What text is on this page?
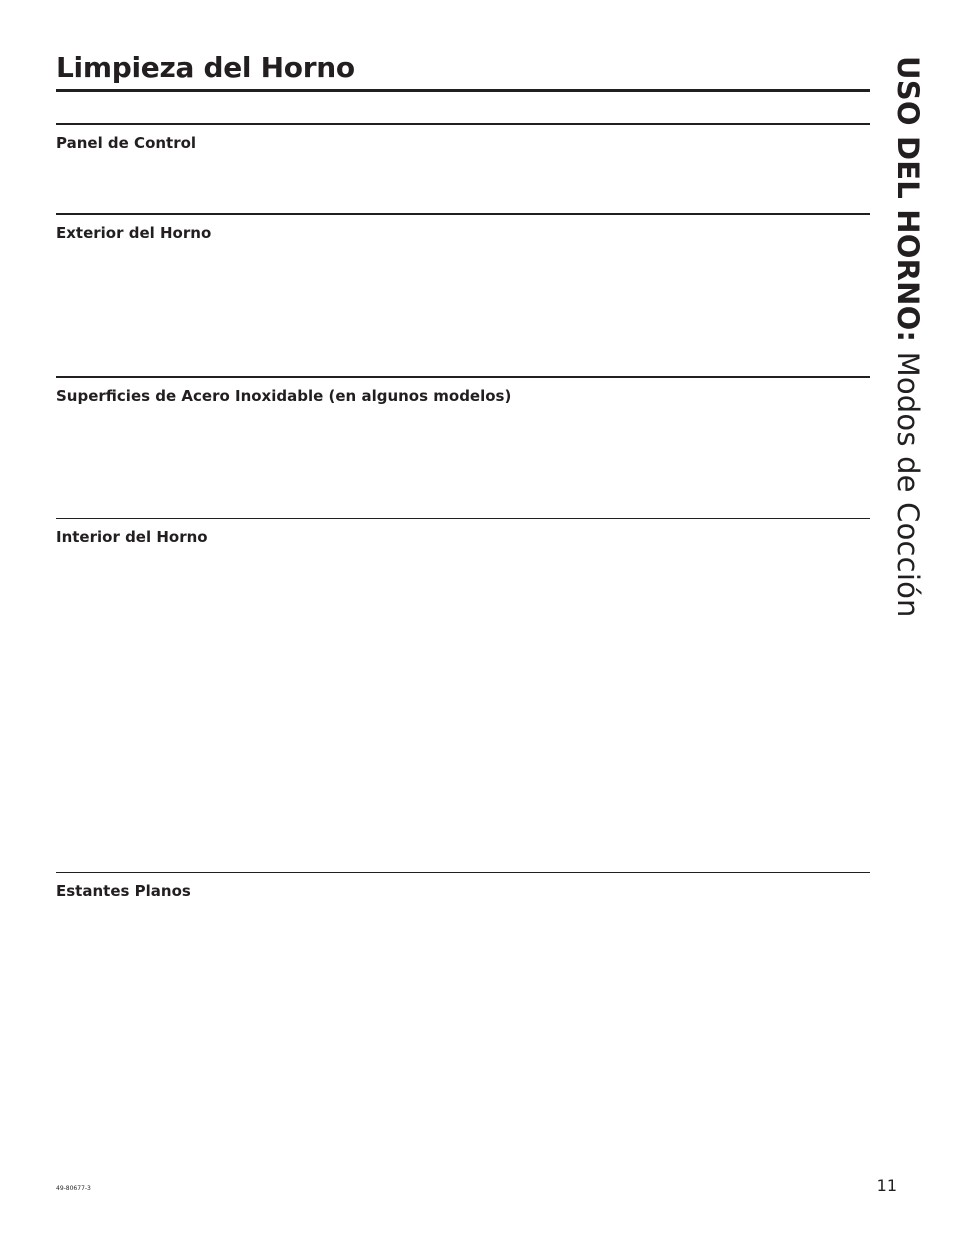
Limpieza del Horno
Panel de Control
Exterior del Horno
Superficies de Acero Inoxidable (en algunos modelos)
Interior del Horno
Estantes Planos
USO DEL HORNO: Modos de Cocción
49-80677-3	11
